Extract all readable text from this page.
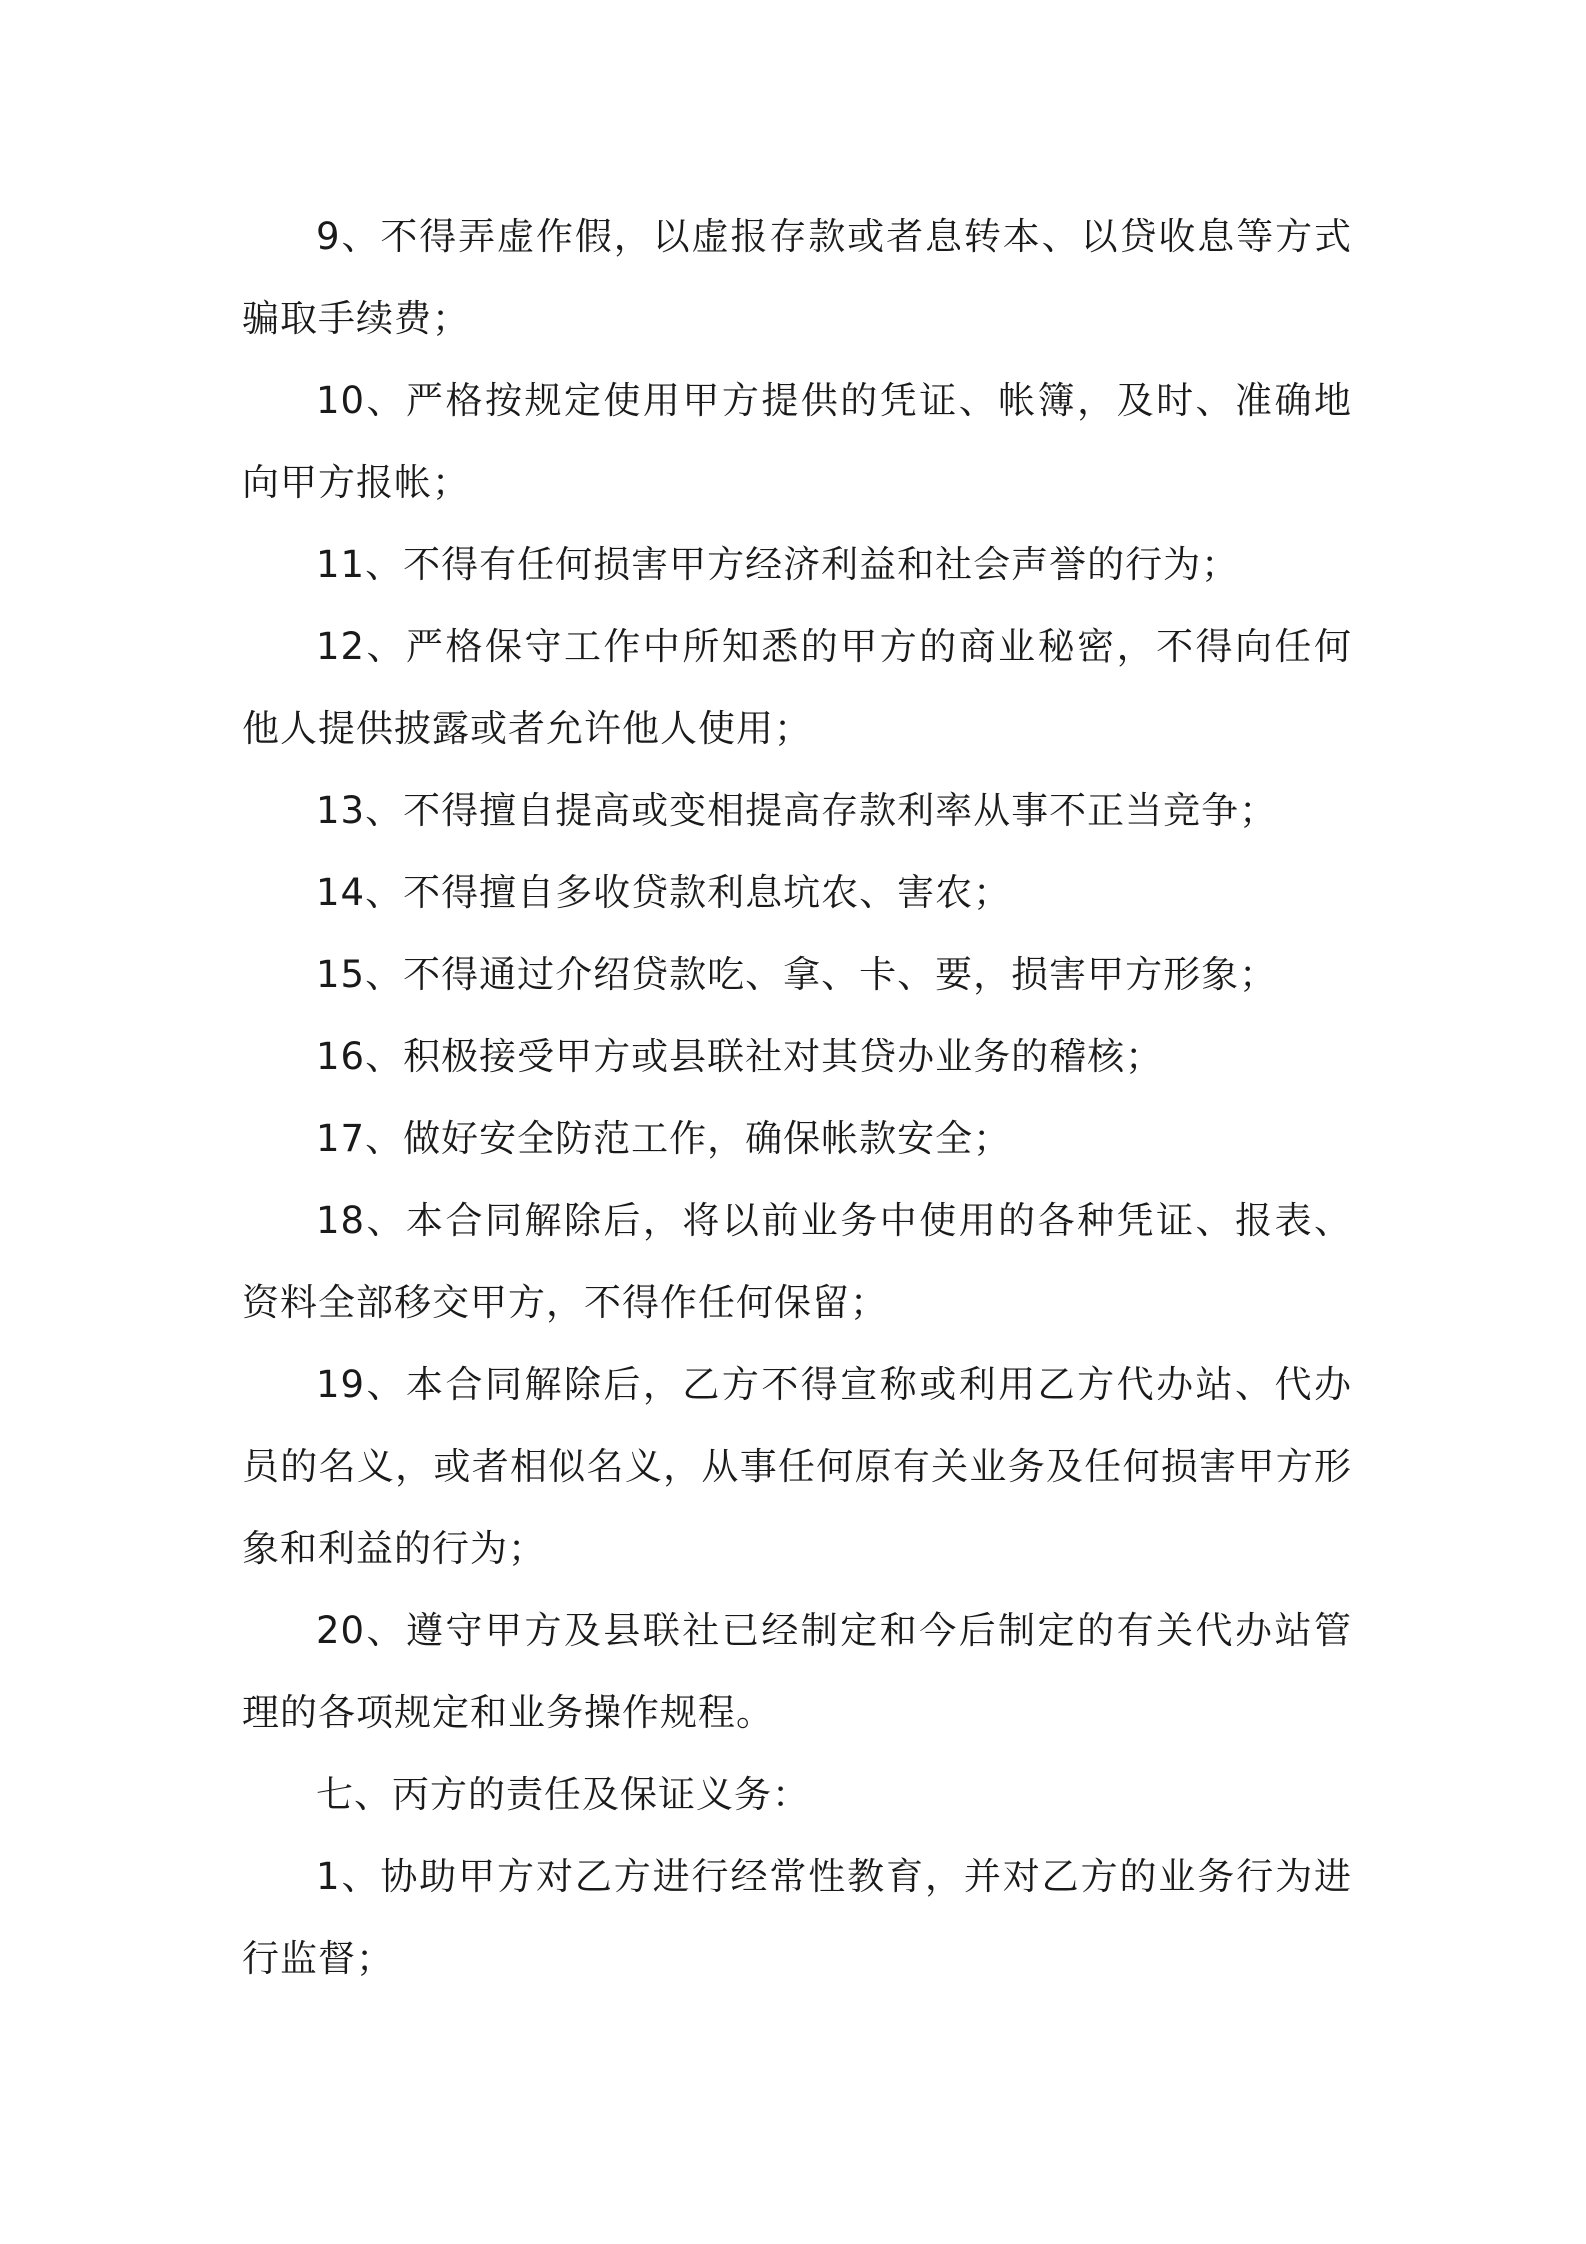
9、不得弄虚作假，以虚报存款或者息转本、以贷收息等方式骗取手续费；

10、严格按规定使用甲方提供的凭证、帐簿，及时、准确地向甲方报帐；

11、不得有任何损害甲方经济利益和社会声誉的行为；

12、严格保守工作中所知悉的甲方的商业秘密，不得向任何他人提供披露或者允许他人使用；

13、不得擅自提高或变相提高存款利率从事不正当竞争；

14、不得擅自多收贷款利息坑农、害农；

15、不得通过介绍贷款吃、拿、卡、要，损害甲方形象；

16、积极接受甲方或县联社对其贷办业务的稽核；

17、做好安全防范工作，确保帐款安全；

18、本合同解除后，将以前业务中使用的各种凭证、报表、资料全部移交甲方，不得作任何保留；

19、本合同解除后，乙方不得宣称或利用乙方代办站、代办员的名义，或者相似名义，从事任何原有关业务及任何损害甲方形象和利益的行为；

20、遵守甲方及县联社已经制定和今后制定的有关代办站管理的各项规定和业务操作规程。

七、丙方的责任及保证义务：

1、协助甲方对乙方进行经常性教育，并对乙方的业务行为进行监督；
